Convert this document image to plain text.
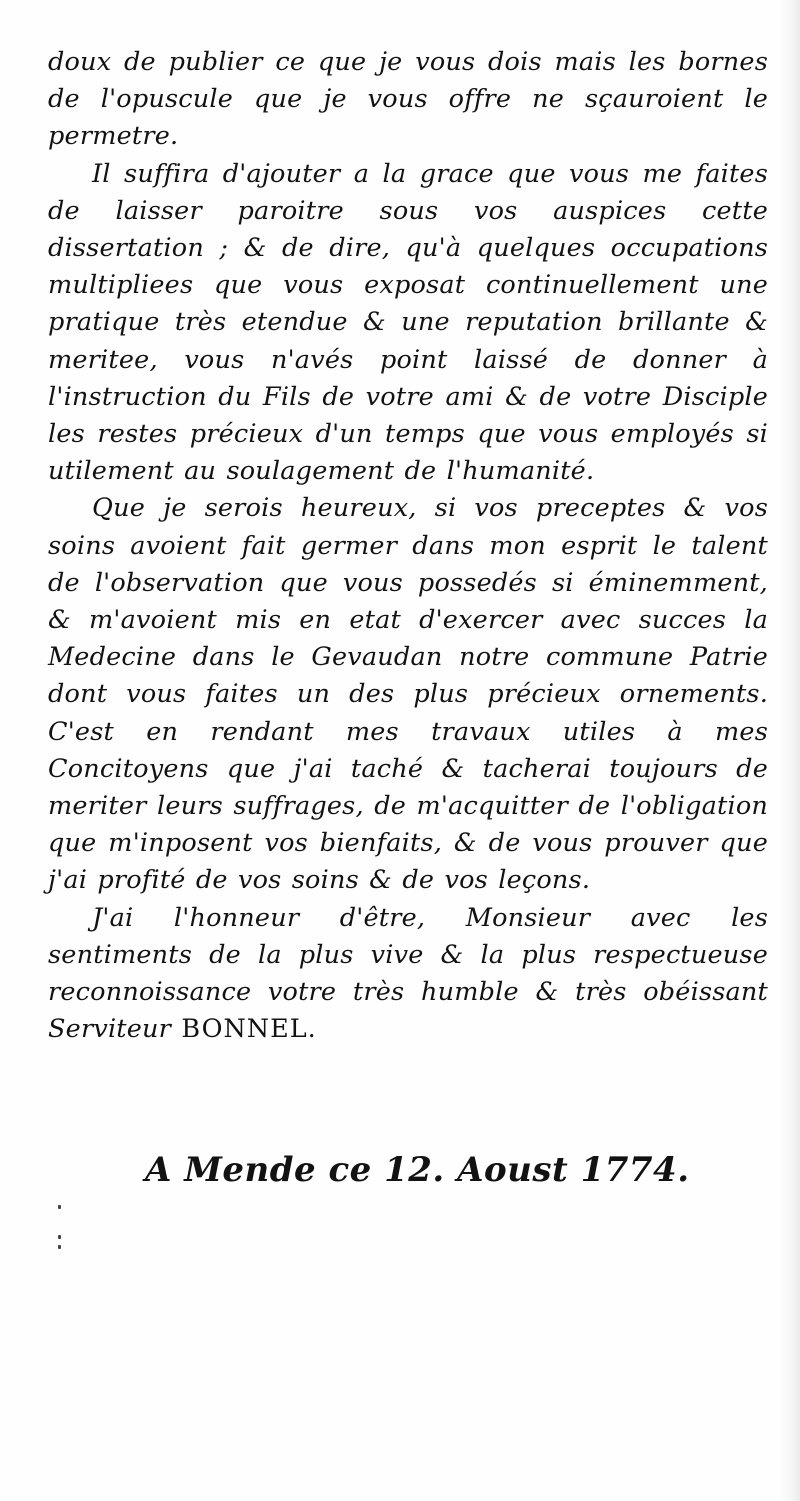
doux de publier ce que je vous dois mais les bornes de l'opuscule que je vous offre ne sçauroient le permetre.

Il suffira d'ajouter a la grace que vous me faites de laisser paroitre sous vos auspices cette dissertation ; & de dire, qu'à quelques occupations multipliees que vous exposat continuellement une pratique très etendue & une reputation brillante & meritee, vous n'avés point laissé de donner à l'instruction du Fils de votre ami & de votre Disciple les restes précieux d'un temps que vous employés si utilement au soulagement de l'humanité.

Que je serois heureux, si vos preceptes & vos soins avoient fait germer dans mon esprit le talent de l'observation que vous possedés si éminemment, & m'avoient mis en etat d'exercer avec succes la Medecine dans le Gevaudan notre commune Patrie dont vous faites un des plus précieux ornements. C'est en rendant mes travaux utiles à mes Concitoyens que j'ai taché & tacherai toujours de meriter leurs suffrages, de m'acquitter de l'obligation que m'inposent vos bienfaits, & de vous prouver que j'ai profité de vos soins & de vos leçons.

J'ai l'honneur d'être, Monsieur avec les sentiments de la plus vive & la plus respectueuse reconnoissance votre très humble & très obéissant Serviteur BONNEL.

A Mende ce 12. Aoust 1774.
